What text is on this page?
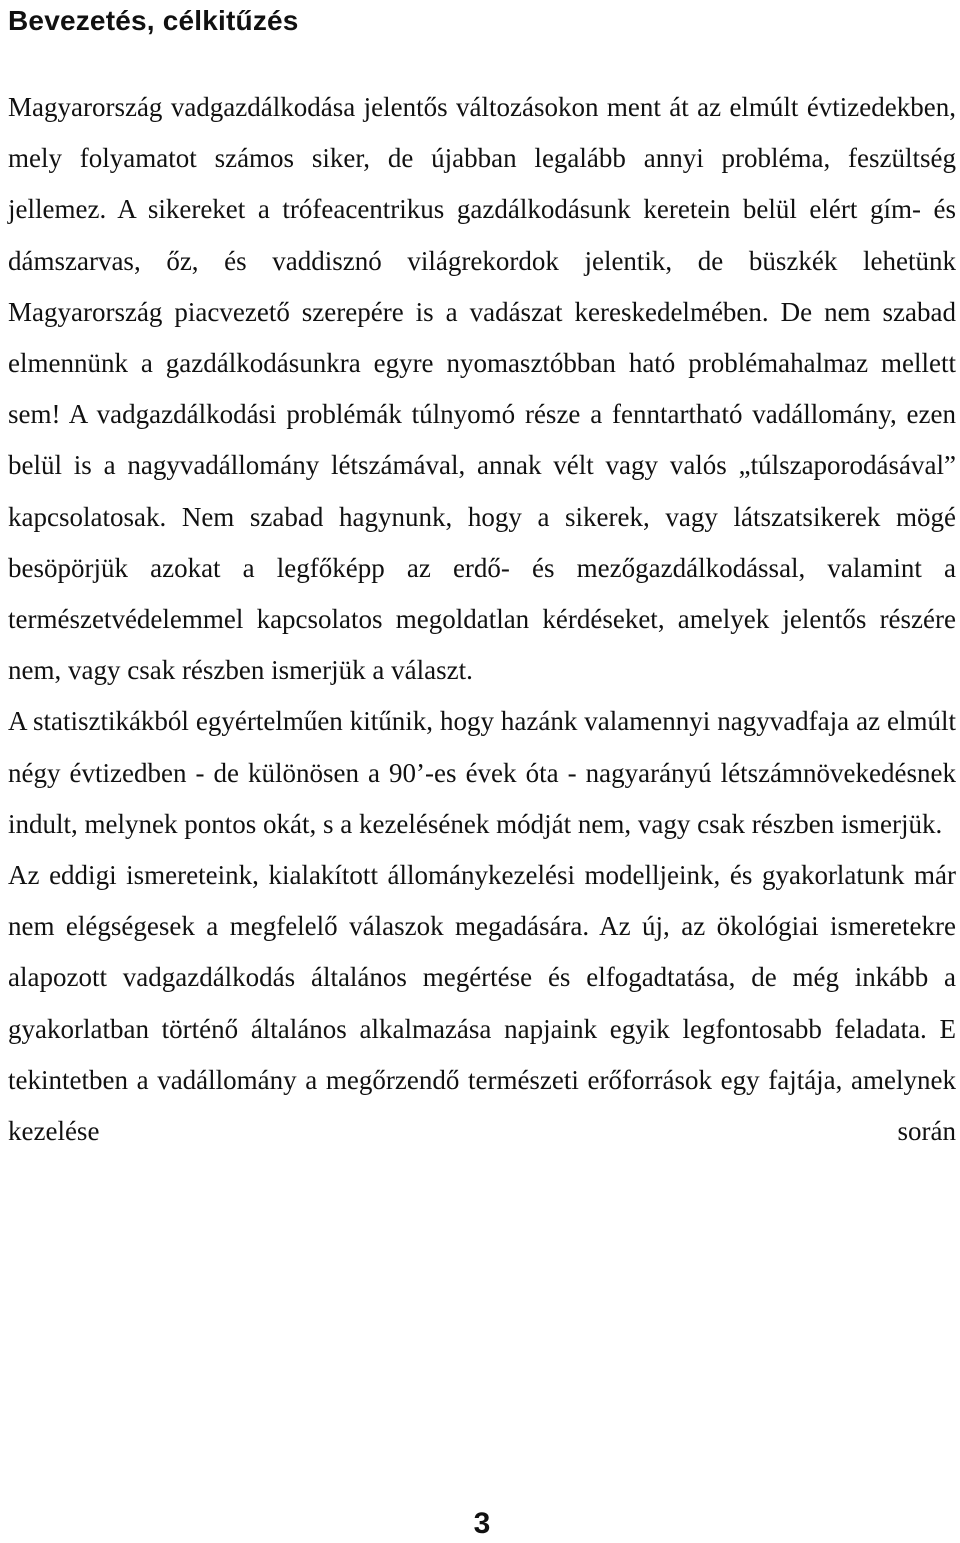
Bevezetés, célkitűzés

Magyarország vadgazdálkodása jelentős változásokon ment át az elmúlt évtizedekben, mely folyamatot számos siker, de újabban legalább annyi probléma, feszültség jellemez. A sikereket a trófeacentrikus gazdálkodásunk keretein belül elért gím- és dámszarvas, őz, és vaddisznó világrekordok jelentik, de büszkék lehetünk Magyarország piacvezető szerepére is a vadászat kereskedelmében. De nem szabad elmennünk a gazdálkodásunkra egyre nyomasztóbban ható problémahalmaz mellett sem! A vadgazdálkodási problémák túlnyomó része a fenntartható vadállomány, ezen belül is a nagyvadállomány létszámával, annak vélt vagy valós „túlszaporodásával” kapcsolatosak. Nem szabad hagynunk, hogy a sikerek, vagy látszatsikerek mögé besöpörjük azokat a legfőképp az erdő- és mezőgazdálkodással, valamint a természetvédelemmel kapcsolatos megoldatlan kérdéseket, amelyek jelentős részére nem, vagy csak részben ismerjük a választ.

A statisztikákból egyértelműen kitűnik, hogy hazánk valamennyi nagyvadfaja az elmúlt négy évtizedben - de különösen a 90’-es évek óta - nagyarányú létszámnövekedésnek indult, melynek pontos okát, s a kezelésének módját nem, vagy csak részben ismerjük.

Az eddigi ismereteink, kialakított állománykezelési modelljeink, és gyakorlatunk már nem elégségesek a megfelelő válaszok megadására. Az új, az ökológiai ismeretekre alapozott vadgazdálkodás általános megértése és elfogadtatása, de még inkább a gyakorlatban történő általános alkalmazása napjaink egyik legfontosabb feladata. E tekintetben a vadállomány a megőrzendő természeti erőforrások egy fajtája, amelynek kezelése során

3
